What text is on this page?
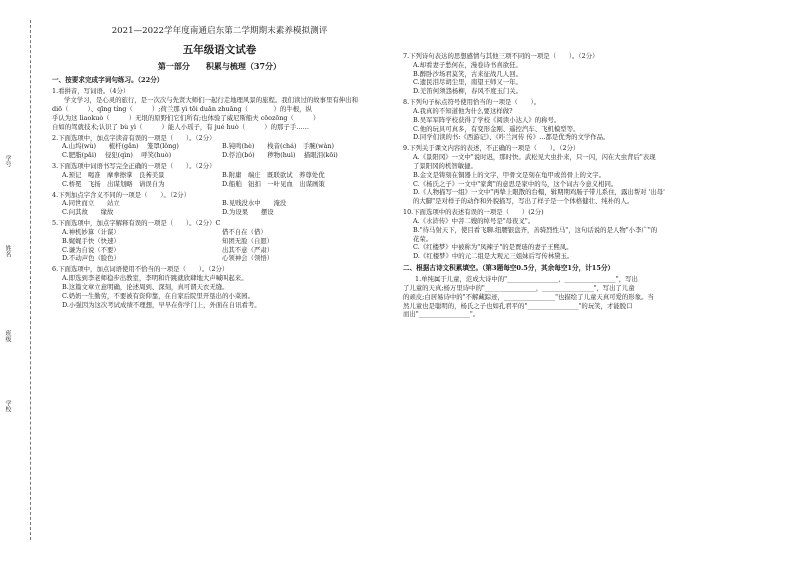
学号
姓名
班级
学校
2021—2022学年度南通启东第二学期期末素养模拟测评
五年级语文试卷
第一部分　　积累与梳理（37分）
一、按要求完成字词句练习。（22分）
1.看拼音，写词语。（4分）
学文学习，是心灵的旅行，是一次次与先贤大师们一起行走地理风景的旅程。我们读过的故事里有伸出和
diō（　　　）、qīng tíng（　　　）;荷兰那 yì tōi duān zhuāng（　　　　）的牛根，纵
乎认为这 lìaokuò（　　　）无垠的原野们它们所有;也体验了威尼斯船夫 cōozōng（　　　）
自如的驾就技术;认识了 bù yì（　　　）能人小瑶子，有 jué huò（　　　）的那子手……
2.下面选项中，加点字读音有误的一项是（　　）。（2分）
A.山坞(wù)　　梳杆(gǎn)　 笼罩(lǒng)	B.钝鸣(hè)　　栈音(chá)　手腕(wàn)
C.肥脂(pǎi)　 侵犯(qìn)　 呼笑(huò)	D.俘泊(bó)　　秽物(huì)　 描眼泪(kōi)
3.下面选项中词语书写完全正确的一项是（　　）。（2分）
A.预记　喝准　摩拳擦掌　良莠美景	B.附庸　端庄　既联欲试　养尊处优
C.桥冕　飞扬　出谋划略　请误自为	D.船舶　钮扣　一叶见血　出谋画策
4.下列加点字含义不同的一项是（　　）。（2分）
A.同世而立　　站立	B.见贱没水中　　淹没
C.问其故　　缘故	D.为设果　　摆设
5.下面选项中，加点字解释有误的一项是（　　）。（2分）C
A.神机妙算（计谋）	借不自在（借）
B.娓娓手快（快速）	知团无脸（自愿）
C.谦为自说（不要）	出其不意（严肃）
D.不动声色（脸色）	心领神会（领悟）
6.下面选项中，加点词语使用不恰当的一项是（　　）。（2分）
A.即选到李老师稳步出教室，李明和许跳就欣肆地大声喊叫起来。
B.这篇文章立意明确，论述周到、深刻，真可谓天衣无缝。
C.奶奶一生勤劳，不要被有资仰靠，在自家后院里开垦出的小菜园。
D.小强因为这次考试成绩不理想，早早在你学门上，外面在自讯看考。
7.下列诗句表达的思想感情与其他三项不同的一项是（　　）。（2分）
A.却看妻子愁何在，漫卷诗书喜欲狂。
B.醉卧沙场君莫笑，古来征战几人回。
C.遗民泪尽胡尘里，南望王师又一年。
D.羌笛何须怨杨柳，春风不度玉门关。
8.下列句子标点符号使用恰当的一项是（　　）。
A.我真的不知道他为什么要这样做?
B.吴军军阵学校获得了学校《阅读小达人》的称号。
C.他的玩具可真多，有变形金刚、遥控汽车、飞机模型等。
D.同学们读的书:《西游记》、《咋兰河传 传》…都是优秀的文学作品。
9.下列关于课文内容的表述，不正确的一项是（　　）。（2分）
A.《景阳冈》一文中"说时迟，那时快。武松见大虫扑来，只一闪，闪在大虫背后"表现
了景阳冈的机智敏捷。
B.金文是铸刻在铜器上的文字，甲骨文是刻在龟甲或兽骨上的文字。
C.《杨氏之子》一文中"家禽"的意思是家中的鸟，这个词古今意义相同。
D.《人物描写一组》一文中"再挚上眼散的台榻，辑期期鸡肠子带儿系住，露出帮对 '出母'
的大脚"是对样子的动作和外貌描写，写出了样子是一个体格健壮、纯朴的人。
10.下面选项中的表述有误的一项是（　　）(2分)
A.《水浒传》中菩二嫂的绰号是"母夜叉"。
B."待马射天下，使目看飞聊.纽腰银盘齐，善骑烈性马"，这句话说的是人物"小李广"的
花荣。
C.《红楼梦》中被称为"凤辣子"的是贾琏的妻子王熙凤。
D.《红楼梦》中的元二组是大观元三姐妹后写传林黛玉。
二、根据古诗文积累填空。（第3题每空0.5分，其余每空1分，计15分）
1.单纯属于儿童，范成大诗中的"________________，________________"，写出
了儿童的天真;杨万里诗中的"________________，________________"，写出了儿童
的顽皮;白居易诗中的"不解藏踪迹，________________"也描绘了儿童天真可爱的形象。当
然儿童也是聪明的，杨氏之子也如孔君平的"________________"的玩笑，才能脱口
而出"________________"。
